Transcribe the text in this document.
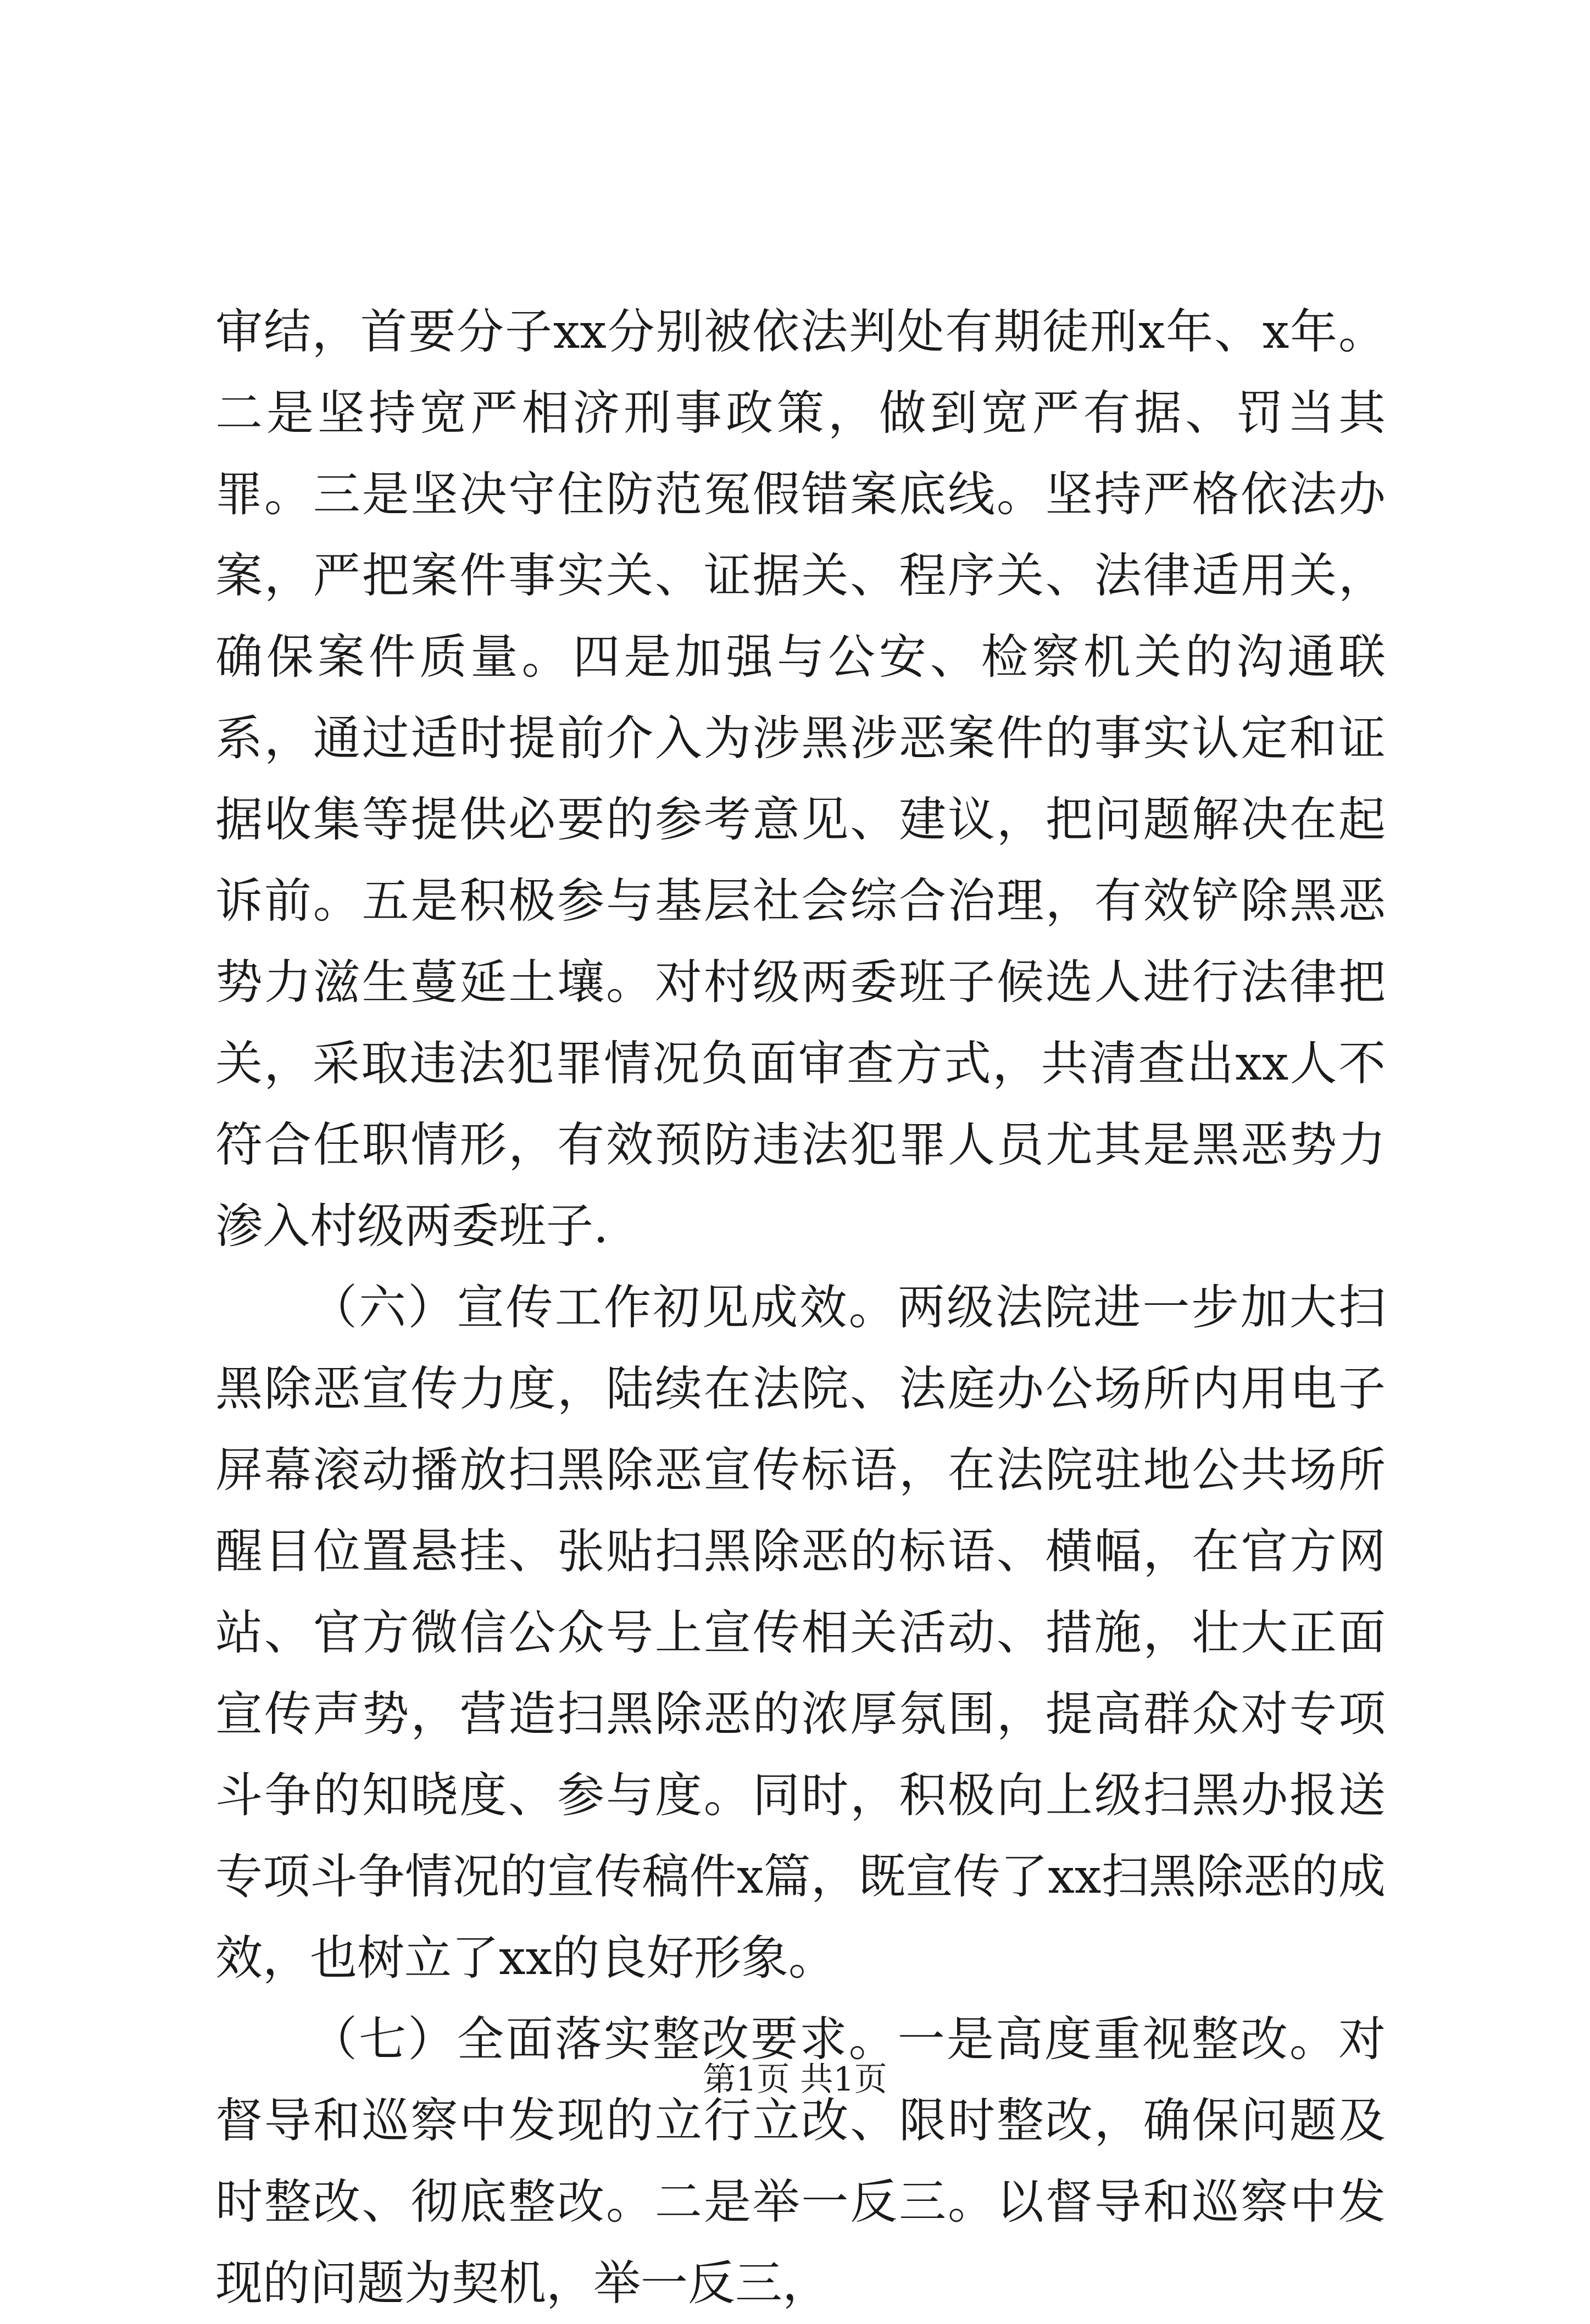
审结，首要分子xx分别被依法判处有期徒刑x年、x年。二是坚持宽严相济刑事政策，做到宽严有据、罚当其罪。三是坚决守住防范冤假错案底线。坚持严格依法办案，严把案件事实关、证据关、程序关、法律适用关，确保案件质量。四是加强与公安、检察机关的沟通联系，通过适时提前介入为涉黑涉恶案件的事实认定和证据收集等提供必要的参考意见、建议，把问题解决在起诉前。五是积极参与基层社会综合治理，有效铲除黑恶势力滋生蔓延土壤。对村级两委班子候选人进行法律把关，采取违法犯罪情况负面审查方式，共清查出xx人不符合任职情形，有效预防违法犯罪人员尤其是黑恶势力渗入村级两委班子.

（六）宣传工作初见成效。两级法院进一步加大扫黑除恶宣传力度，陆续在法院、法庭办公场所内用电子屏幕滚动播放扫黑除恶宣传标语，在法院驻地公共场所醒目位置悬挂、张贴扫黑除恶的标语、横幅，在官方网站、官方微信公众号上宣传相关活动、措施，壮大正面宣传声势，营造扫黑除恶的浓厚氛围，提高群众对专项斗争的知晓度、参与度。同时，积极向上级扫黑办报送专项斗争情况的宣传稿件x篇，既宣传了xx扫黑除恶的成效，也树立了xx的良好形象。

（七）全面落实整改要求。一是高度重视整改。对督导和巡察中发现的立行立改、限时整改，确保问题及时整改、彻底整改。二是举一反三。以督导和巡察中发现的问题为契机，举一反三，

第1页 共1页
